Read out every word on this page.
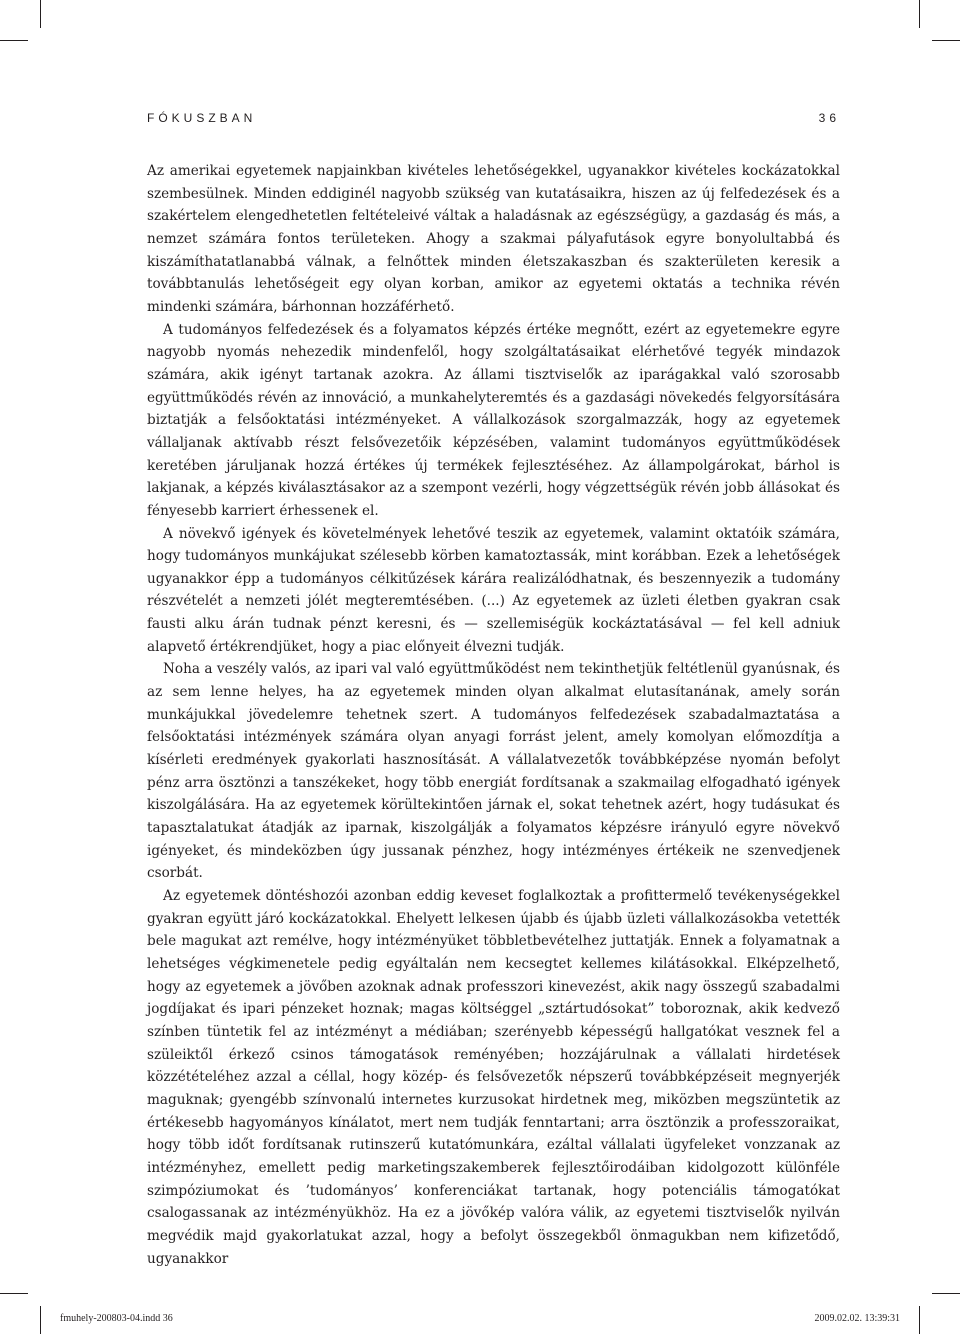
FÓKUSZBAN	36

Az amerikai egyetemek napjainkban kivételes lehetőségekkel, ugyanakkor kivételes kockázatokkal szembesülnek. Minden eddiginél nagyobb szükség van kutatásaikra, hiszen az új felfedezések és a szakértelem elengedhetetlen feltételeivé váltak a haladásnak az egészségügy, a gazdaság és más, a nemzet számára fontos területeken. Ahogy a szakmai pályafutások egyre bonyolultabbá és kiszámíthatatlanabbá válnak, a felnőttek minden életszakaszban és szakterületen keresik a továbbtanulás lehetőségeit egy olyan korban, amikor az egyetemi oktatás a technika révén mindenki számára, bárhonnan hozzáférhető.

A tudományos felfedezések és a folyamatos képzés értéke megnőtt, ezért az egyetemekre egyre nagyobb nyomás nehezedik mindenfelől, hogy szolgáltatásaikat elérhetővé tegyék mindazok számára, akik igényt tartanak azokra. Az állami tisztviselők az iparágakkal való szorosabb együttműködés révén az innováció, a munkahelyteremtés és a gazdasági növekedés felgyorsítására biztatják a felsőoktatási intézményeket. A vállalkozások szorgalmazzák, hogy az egyetemek vállaljanak aktívabb részt felsővezetőik képzésében, valamint tudományos együttműködések keretében járuljanak hozzá értékes új termékek fejlesztéséhez. Az állampolgárokat, bárhol is lakjanak, a képzés kiválasztásakor az a szempont vezérli, hogy végzettségük révén jobb állásokat és fényesebb karriert érhessenek el.

A növekvő igények és követelmények lehetővé teszik az egyetemek, valamint oktatóik számára, hogy tudományos munkájukat szélesebb körben kamatoztassák, mint korábban. Ezek a lehetőségek ugyanakkor épp a tudományos célkitűzések kárára realizálódhatnak, és beszennyezik a tudomány részvételét a nemzeti jólét megteremtésében. (...) Az egyetemek az üzleti életben gyakran csak fausti alku árán tudnak pénzt keresni, és — szellemiségük kockáztatásával — fel kell adniuk alapvető értékrendjüket, hogy a piac előnyeit élvezni tudják.

Noha a veszély valós, az ipari val való együttműködést nem tekinthetjük feltétlenül gyanúsnak, és az sem lenne helyes, ha az egyetemek minden olyan alkalmat elutasítanának, amely során munkájukkal jövedelemre tehetnek szert. A tudományos felfedezések szabadalmaztatása a felsőoktatási intézmények számára olyan anyagi forrást jelent, amely komolyan előmozdítja a kísérleti eredmények gyakorlati hasznosítását. A vállalatvezetők továbbképzése nyomán befolyt pénz arra ösztönzi a tanszékeket, hogy több energiát fordítsanak a szakmailag elfogadható igények kiszolgálására. Ha az egyetemek körültekintően járnak el, sokat tehetnek azért, hogy tudásukat és tapasztalatukat átadják az iparnak, kiszolgálják a folyamatos képzésre irányuló egyre növekvő igényeket, és mindeközben úgy jussanak pénzhez, hogy intézményes értékeik ne szenvedjenek csorbát.

Az egyetemek döntéshozói azonban eddig keveset foglalkoztak a profittermelő tevékenységekkel gyakran együtt járó kockázatokkal. Ehelyett lelkesen újabb és újabb üzleti vállalkozásokba vetették bele magukat azt remélve, hogy intézményüket többletbevételhez juttatják. Ennek a folyamatnak a lehetséges végkimenetele pedig egyáltalán nem kecsegtet kellemes kilátásokkal. Elképzelhető, hogy az egyetemek a jövőben azoknak adnak professzori kinevezést, akik nagy összegű szabadalmi jogdíjakat és ipari pénzeket hoznak; magas költséggel „sztártudósokat” toboroznak, akik kedvező színben tüntetik fel az intézményt a médiában; szerényebb képességű hallgatókat vesznek fel a szüleiktől érkező csinos támogatások reményében; hozzájárulnak a vállalati hirdetések közzétételéhez azzal a céllal, hogy közép- és felsővezetők népszerű továbbképzéseit megnyerjék maguknak; gyengébb színvonalú internetes kurzusokat hirdetnek meg, miközben megszüntetik az értékesebb hagyományos kínálatot, mert nem tudják fenntartani; arra ösztönzik a professzoraikat, hogy több időt fordítsanak rutinszerű kutatómunkára, ezáltal vállalati ügyfeleket vonzzanak az intézményhez, emellett pedig marketingszakemberek fejlesztőirodáiban kidolgozott különféle szimpóziumokat és ’tudományos’ konferenciákat tartanak, hogy potenciális támogatókat csalogassanak az intézményükhöz. Ha ez a jövőkép valóra válik, az egyetemi tisztviselők nyilván megvédik majd gyakorlatukat azzal, hogy a befolyt összegekből önmagukban nem kifizetődő, ugyanakkor

fmuhely-200803-04.indd 36	2009.02.02. 13:39:31
